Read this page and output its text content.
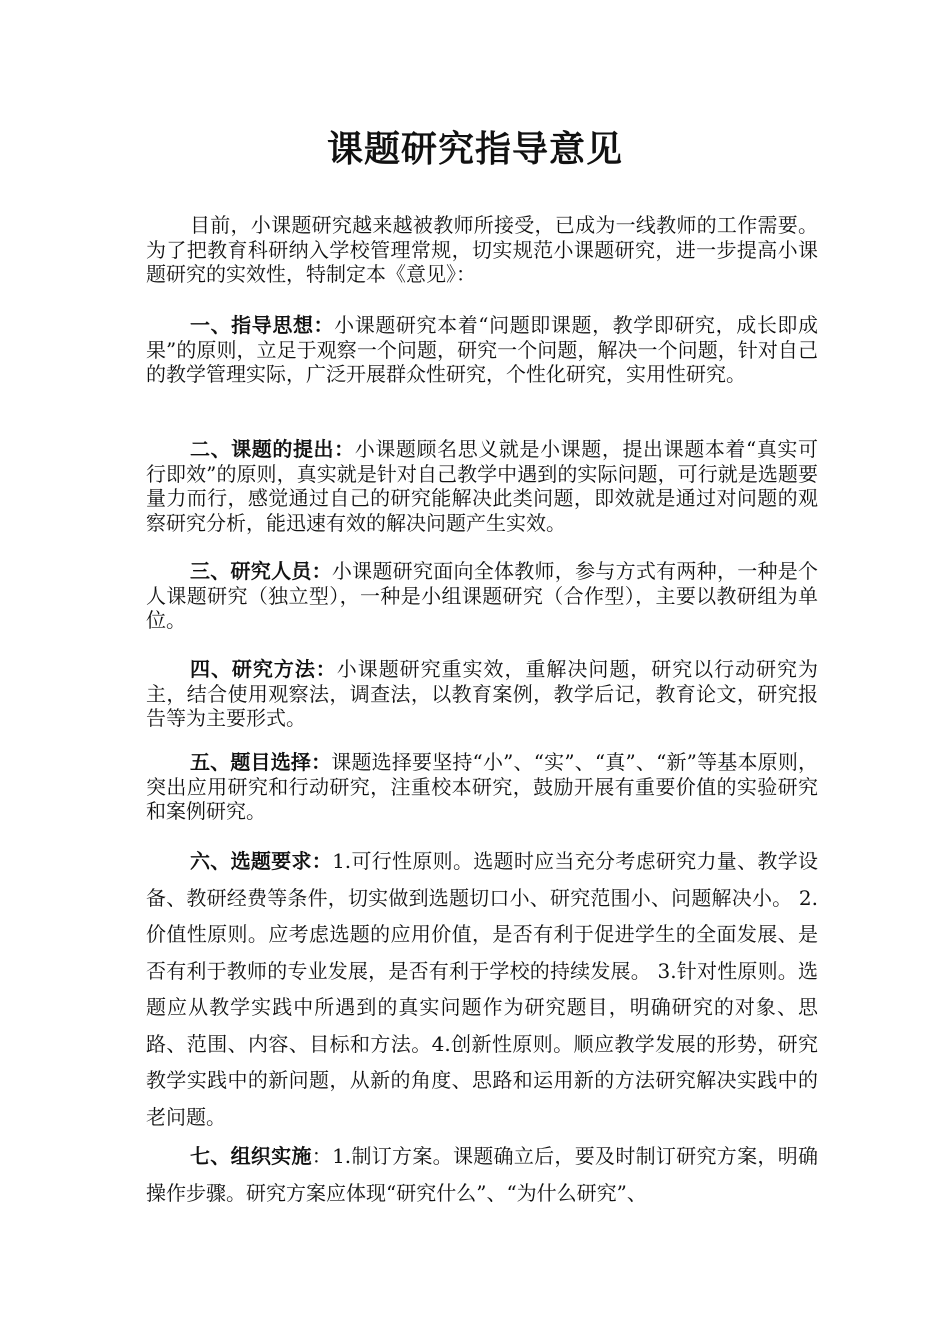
课题研究指导意见

目前，小课题研究越来越被教师所接受，已成为一线教师的工作需要。为了把教育科研纳入学校管理常规，切实规范小课题研究，进一步提高小课题研究的实效性，特制定本《意见》：

一、指导思想：小课题研究本着“问题即课题，教学即研究，成长即成果”的原则，立足于观察一个问题，研究一个问题，解决一个问题，针对自己的教学管理实际，广泛开展群众性研究，个性化研究，实用性研究。

二、课题的提出：小课题顾名思义就是小课题，提出课题本着“真实可行即效”的原则，真实就是针对自己教学中遇到的实际问题，可行就是选题要量力而行，感觉通过自己的研究能解决此类问题，即效就是通过对问题的观察研究分析，能迅速有效的解决问题产生实效。

三、研究人员：小课题研究面向全体教师，参与方式有两种，一种是个人课题研究（独立型），一种是小组课题研究（合作型），主要以教研组为单位。

四、研究方法：小课题研究重实效，重解决问题，研究以行动研究为主，结合使用观察法，调查法，以教育案例，教学后记，教育论文，研究报告等为主要形式。

五、题目选择：课题选择要坚持“小”、“实”、“真”、“新”等基本原则，突出应用研究和行动研究，注重校本研究，鼓励开展有重要价值的实验研究和案例研究。

六、选题要求：1.可行性原则。选题时应当充分考虑研究力量、教学设备、教研经费等条件，切实做到选题切口小、研究范围小、问题解决小。 2.价值性原则。应考虑选题的应用价值，是否有利于促进学生的全面发展、是否有利于教师的专业发展，是否有利于学校的持续发展。 3.针对性原则。选题应从教学实践中所遇到的真实问题作为研究题目，明确研究的对象、思路、范围、内容、目标和方法。4.创新性原则。顺应教学发展的形势，研究教学实践中的新问题，从新的角度、思路和运用新的方法研究解决实践中的老问题。

七、组织实施：1.制订方案。课题确立后，要及时制订研究方案，明确操作步骤。研究方案应体现“研究什么”、“为什么研究”、
